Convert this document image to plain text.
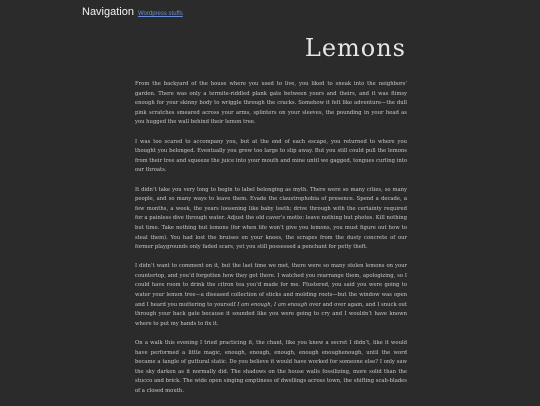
Navigation Wordpress stuffs
Lemons

From the backyard of the house where you used to live, you liked to sneak into the neighbors’ garden. There was only a termite-riddled plank gate between yours and theirs, and it was flimsy enough for your skinny body to wriggle through the cracks. Somehow it felt like adventure—the dull pink scratches smeared across your arms, splinters on your sleeves, the pounding in your head as you hugged the wall behind their lemon tree.

I was too scared to accompany you, but at the end of each escape, you returned to where you thought you belonged. Eventually you grew too large to slip away. But you still could pull the lemons from their tree and squeeze the juice into your mouth and mine until we gagged, tongues curling into our throats.

It didn’t take you very long to begin to label belonging as myth. There were so many cities, so many people, and so many ways to leave them. Evade the claustrophobia of presence. Spend a decade, a few months, a week, the years loosening like baby teeth; drive through with the certainty required for a painless dive through water. Adjust the old caver’s motto: leave nothing but photos. Kill nothing but time. Take nothing but lemons (for when life won’t give you lemons, you must figure out how to steal them). You had lost the bruises on your knees, the scrapes from the dusty concrete of our former playgrounds only faded scars, yet you still possessed a penchant for petty theft.

I didn’t want to comment on it, but the last time we met, there were so many stolen lemons on your countertop, and you’d forgotten how they got there. I watched you rearrange them, apologizing, so I could have room to drink the citron tea you’d made for me. Flustered, you said you were going to water your lemon tree—a diseased collection of sticks and molding roots—but the window was open and I heard you muttering to yourself I am enough, I am enough over and over again, and I snuck out through your back gate because it sounded like you were going to cry and I wouldn’t have known where to put my hands to fix it.

On a walk this evening I tried practicing it, the chant, like you knew a secret I didn’t, like it would have performed a little magic, enough, enough, enough, enough enoughenough, until the word became a tangle of guttural static. Do you believe it would have worked for someone else? I only saw the sky darken as it normally did. The shadows on the house walls fossilizing, more solid than the stucco and brick. The wide open singing emptiness of dwellings across town, the shifting scab-blades of a closed mouth.
